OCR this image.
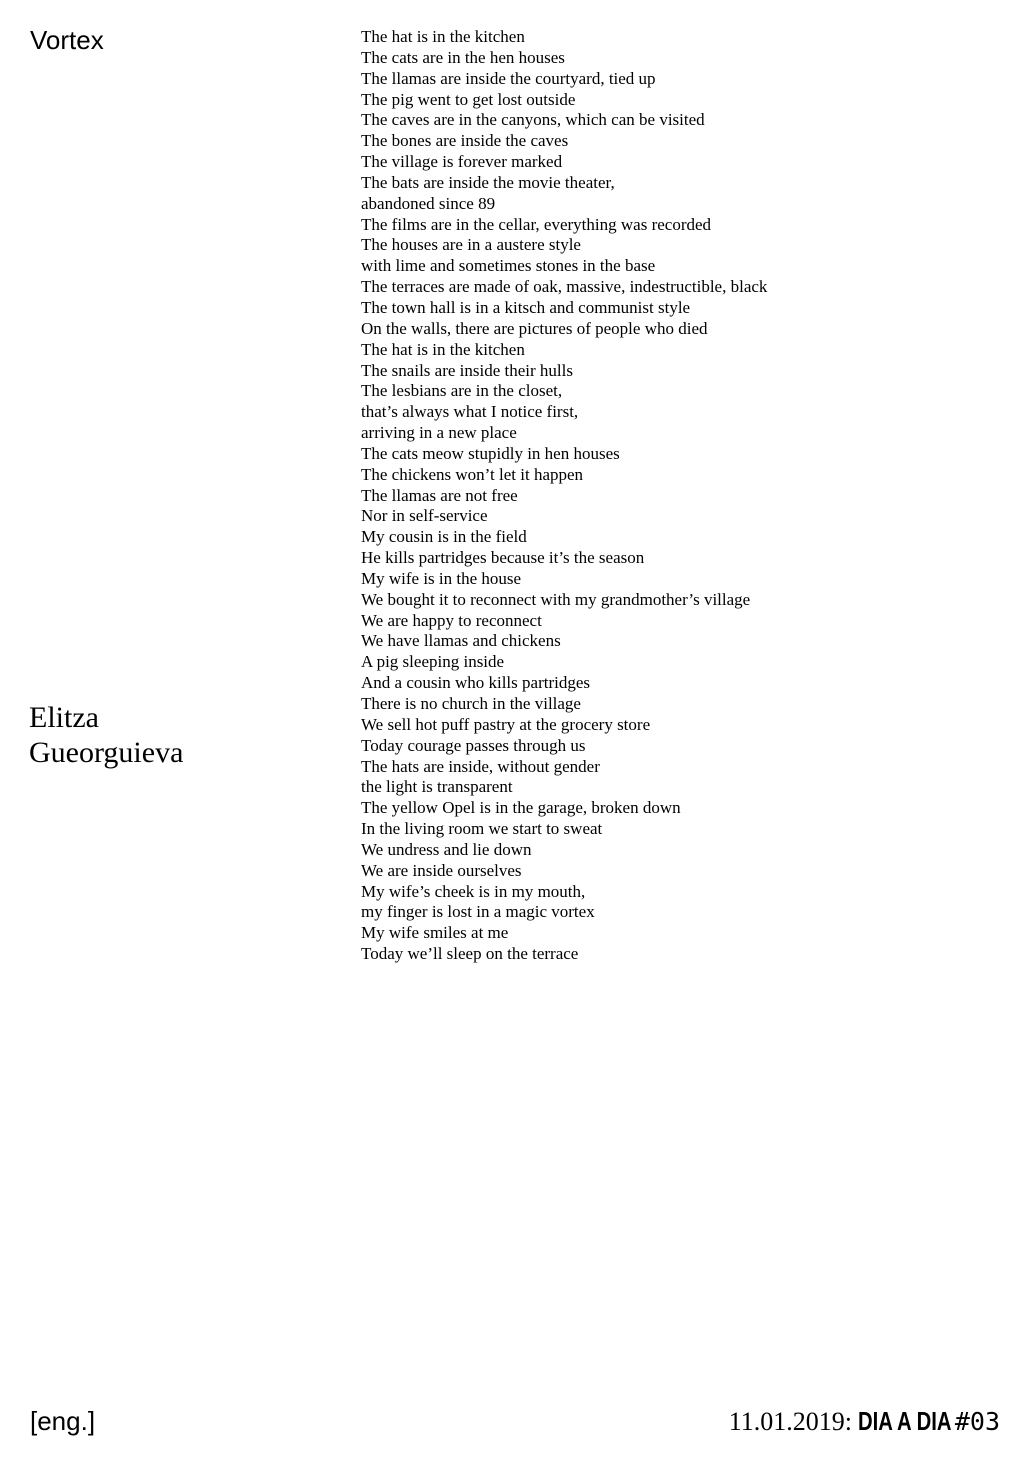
Vortex
Elitza
Gueorguieva
The hat is in the kitchen
The cats are in the hen houses
The llamas are inside the courtyard, tied up
The pig went to get lost outside
The caves are in the canyons, which can be visited
The bones are inside the caves
The village is forever marked
The bats are inside the movie theater,
abandoned since 89
The films are in the cellar, everything was recorded
The houses are in a austere style
with lime and sometimes stones in the base
The terraces are made of oak, massive, indestructible, black
The town hall is in a kitsch and communist style
On the walls, there are pictures of people who died
The hat is in the kitchen
The snails are inside their hulls
The lesbians are in the closet,
that’s always what I notice first,
arriving in a new place
The cats meow stupidly in hen houses
The chickens won’t let it happen
The llamas are not free
Nor in self-service
My cousin is in the field
He kills partridges because it’s the season
My wife is in the house
We bought it to reconnect with my grandmother’s village
We are happy to reconnect
We have llamas and chickens
A pig sleeping inside
And a cousin who kills partridges
There is no church in the village
We sell hot puff pastry at the grocery store
Today courage passes through us
The hats are inside, without gender
the light is transparent
The yellow Opel is in the garage, broken down
In the living room we start to sweat
We undress and lie down
We are inside ourselves
My wife’s cheek is in my mouth,
my finger is lost in a magic vortex
My wife smiles at me
Today we’ll sleep on the terrace
[eng.]	11.01.2019: DIA A DIA #03
